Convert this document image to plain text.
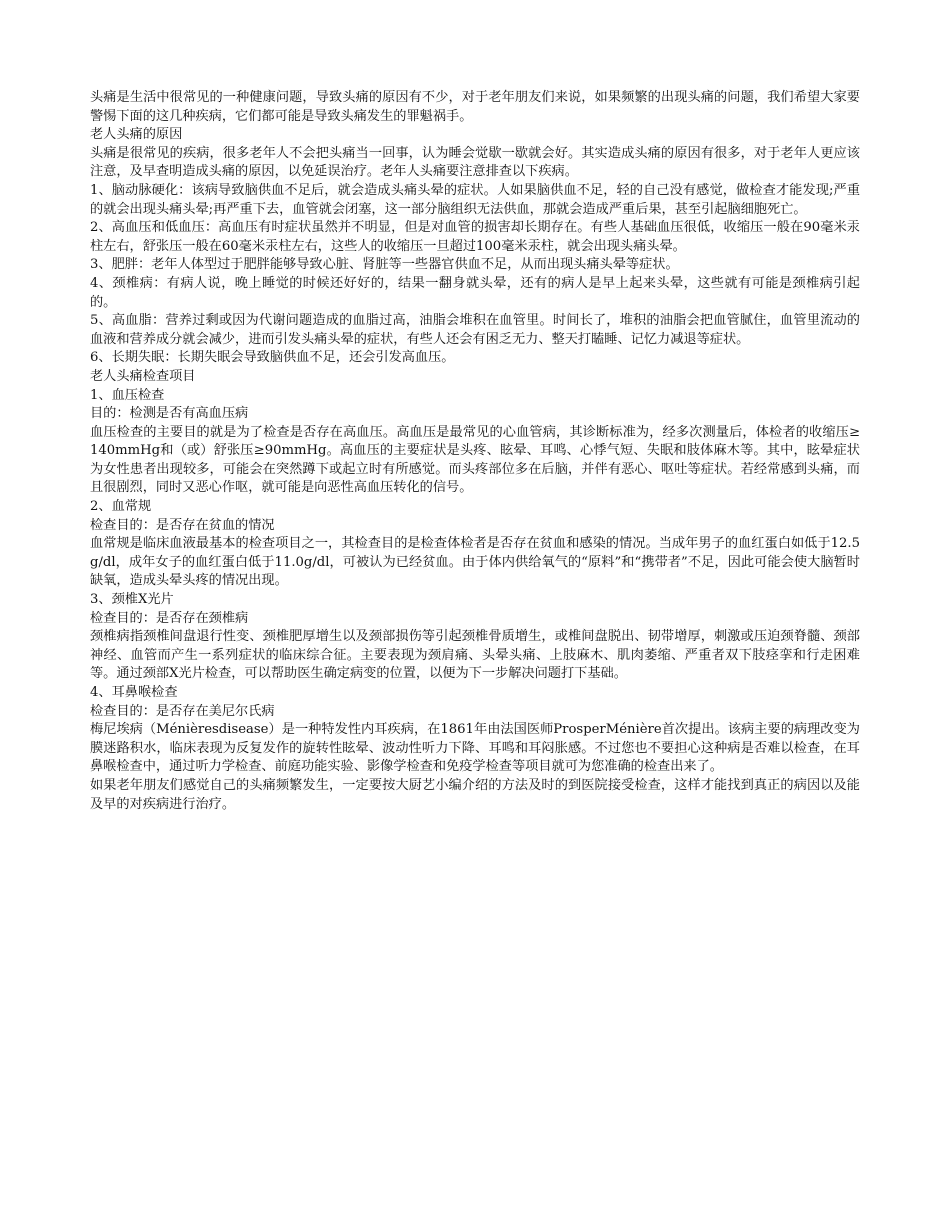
头痛是生活中很常见的一种健康问题，导致头痛的原因有不少，对于老年朋友们来说，如果频繁的出现头痛的问题，我们希望大家要警惕下面的这几种疾病，它们都可能是导致头痛发生的罪魁祸手。

老人头痛的原因

头痛是很常见的疾病，很多老年人不会把头痛当一回事，认为睡会觉歇一歇就会好。其实造成头痛的原因有很多，对于老年人更应该注意，及早查明造成头痛的原因，以免延误治疗。老年人头痛要注意排查以下疾病。

1、脑动脉硬化：该病导致脑供血不足后，就会造成头痛头晕的症状。人如果脑供血不足，轻的自己没有感觉，做检查才能发现;严重的就会出现头痛头晕;再严重下去，血管就会闭塞，这一部分脑组织无法供血，那就会造成严重后果，甚至引起脑细胞死亡。

2、高血压和低血压：高血压有时症状虽然并不明显，但是对血管的损害却长期存在。有些人基础血压很低，收缩压一般在90毫米汞柱左右，舒张压一般在60毫米汞柱左右，这些人的收缩压一旦超过100毫米汞柱，就会出现头痛头晕。

3、肥胖：老年人体型过于肥胖能够导致心脏、肾脏等一些器官供血不足，从而出现头痛头晕等症状。

4、颈椎病：有病人说，晚上睡觉的时候还好好的，结果一翻身就头晕，还有的病人是早上起来头晕，这些就有可能是颈椎病引起的。

5、高血脂：营养过剩或因为代谢问题造成的血脂过高，油脂会堆积在血管里。时间长了，堆积的油脂会把血管腻住，血管里流动的血液和营养成分就会减少，进而引发头痛头晕的症状，有些人还会有困乏无力、整天打瞌睡、记忆力减退等症状。

6、长期失眠：长期失眠会导致脑供血不足，还会引发高血压。

老人头痛检查项目

1、血压检查

目的：检测是否有高血压病

血压检查的主要目的就是为了检查是否存在高血压。高血压是最常见的心血管病，其诊断标准为，经多次测量后，体检者的收缩压≥140mmHg和（或）舒张压≥90mmHg。高血压的主要症状是头疼、眩晕、耳鸣、心悸气短、失眠和肢体麻木等。其中，眩晕症状为女性患者出现较多，可能会在突然蹲下或起立时有所感觉。而头疼部位多在后脑，并伴有恶心、呕吐等症状。若经常感到头痛，而且很剧烈，同时又恶心作呕，就可能是向恶性高血压转化的信号。

2、血常规

检查目的：是否存在贫血的情况

血常规是临床血液最基本的检查项目之一，其检查目的是检查体检者是否存在贫血和感染的情况。当成年男子的血红蛋白如低于12.5g/dl，成年女子的血红蛋白低于11.0g/dl，可被认为已经贫血。由于体内供给氧气的“原料”和“携带者”不足，因此可能会使大脑暂时缺氧，造成头晕头疼的情况出现。

3、颈椎X光片

检查目的：是否存在颈椎病

颈椎病指颈椎间盘退行性变、颈椎肥厚增生以及颈部损伤等引起颈椎骨质增生，或椎间盘脱出、韧带增厚，刺激或压迫颈脊髓、颈部神经、血管而产生一系列症状的临床综合征。主要表现为颈肩痛、头晕头痛、上肢麻木、肌肉萎缩、严重者双下肢痉挛和行走困难等。通过颈部X光片检查，可以帮助医生确定病变的位置，以便为下一步解决问题打下基础。

4、耳鼻喉检查

检查目的：是否存在美尼尔氏病

梅尼埃病（Ménièresdisease）是一种特发性内耳疾病，在1861年由法国医师ProsperMénière首次提出。该病主要的病理改变为膜迷路积水，临床表现为反复发作的旋转性眩晕、波动性听力下降、耳鸣和耳闷胀感。不过您也不要担心这种病是否难以检查，在耳鼻喉检查中，通过听力学检查、前庭功能实验、影像学检查和免疫学检查等项目就可为您准确的检查出来了。

如果老年朋友们感觉自己的头痛频繁发生，一定要按大厨艺小编介绍的方法及时的到医院接受检查，这样才能找到真正的病因以及能及早的对疾病进行治疗。
